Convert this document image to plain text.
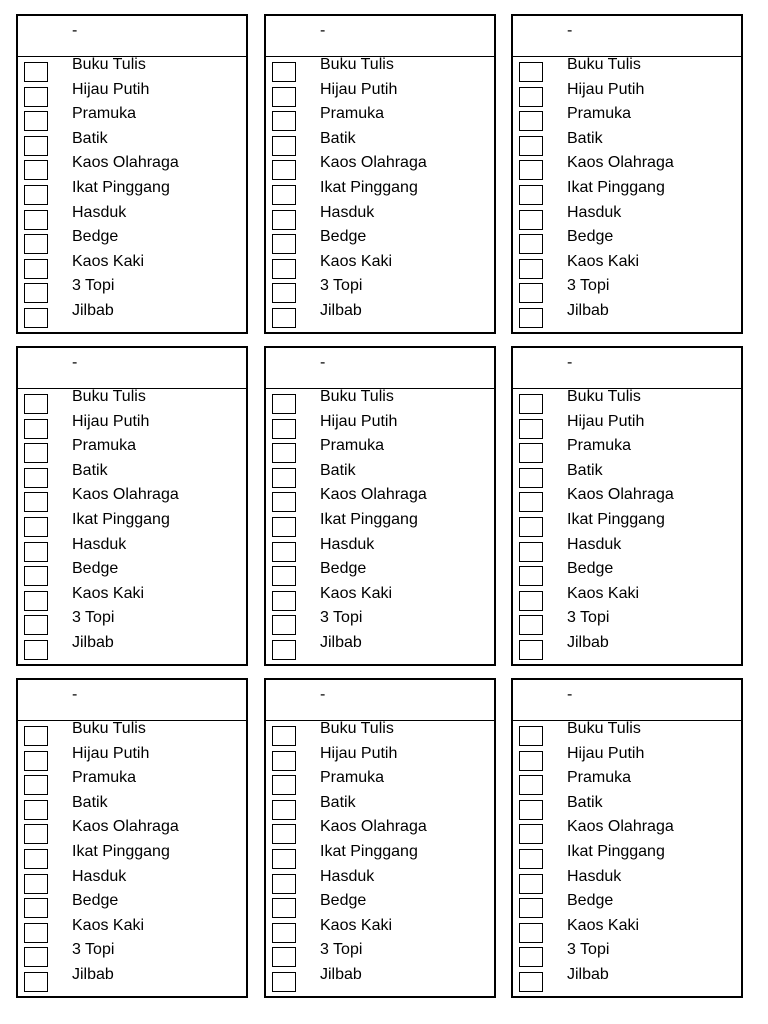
-
Buku Tulis
Hijau Putih
Pramuka
Batik
Kaos Olahraga
Ikat Pinggang
Hasduk
Bedge
Kaos Kaki
3 Topi
Jilbab
-
Buku Tulis
Hijau Putih
Pramuka
Batik
Kaos Olahraga
Ikat Pinggang
Hasduk
Bedge
Kaos Kaki
3 Topi
Jilbab
-
Buku Tulis
Hijau Putih
Pramuka
Batik
Kaos Olahraga
Ikat Pinggang
Hasduk
Bedge
Kaos Kaki
3 Topi
Jilbab
-
Buku Tulis
Hijau Putih
Pramuka
Batik
Kaos Olahraga
Ikat Pinggang
Hasduk
Bedge
Kaos Kaki
3 Topi
Jilbab
-
Buku Tulis
Hijau Putih
Pramuka
Batik
Kaos Olahraga
Ikat Pinggang
Hasduk
Bedge
Kaos Kaki
3 Topi
Jilbab
-
Buku Tulis
Hijau Putih
Pramuka
Batik
Kaos Olahraga
Ikat Pinggang
Hasduk
Bedge
Kaos Kaki
3 Topi
Jilbab
-
Buku Tulis
Hijau Putih
Pramuka
Batik
Kaos Olahraga
Ikat Pinggang
Hasduk
Bedge
Kaos Kaki
3 Topi
Jilbab
-
Buku Tulis
Hijau Putih
Pramuka
Batik
Kaos Olahraga
Ikat Pinggang
Hasduk
Bedge
Kaos Kaki
3 Topi
Jilbab
-
Buku Tulis
Hijau Putih
Pramuka
Batik
Kaos Olahraga
Ikat Pinggang
Hasduk
Bedge
Kaos Kaki
3 Topi
Jilbab
